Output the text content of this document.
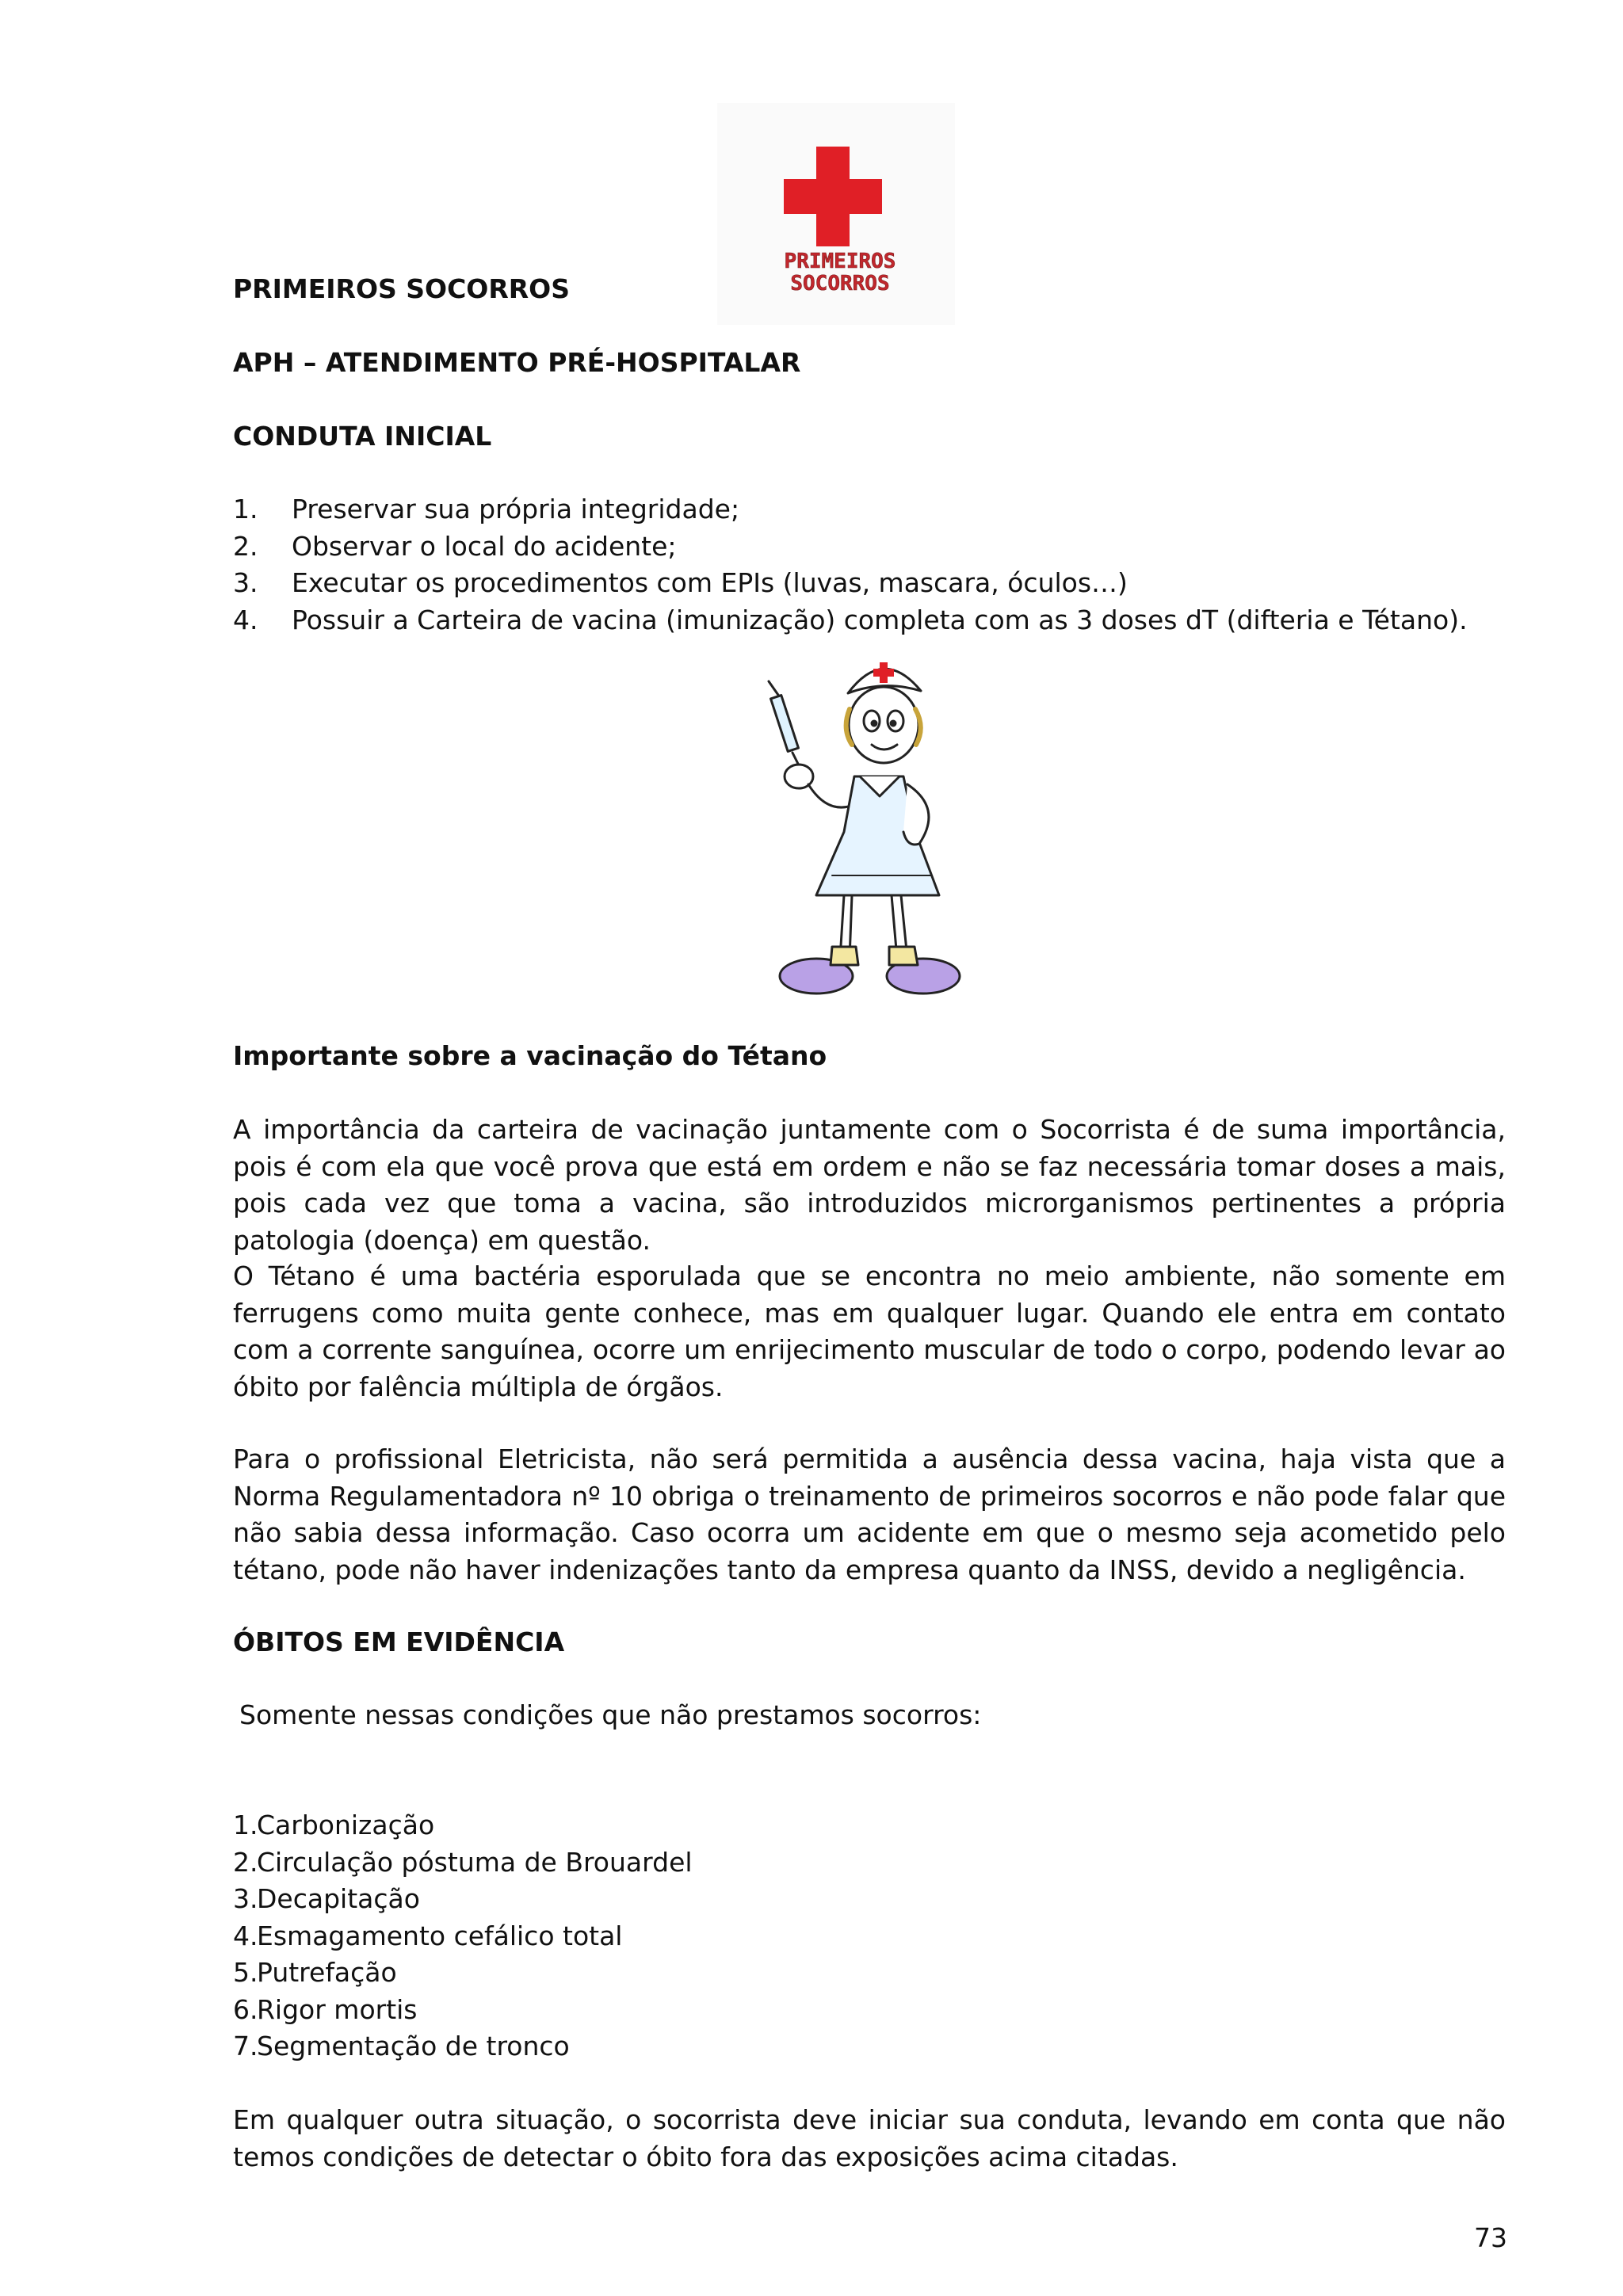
PRIMEIROS
SOCORROS
PRIMEIROS SOCORROS
APH – ATENDIMENTO PRÉ-HOSPITALAR
CONDUTA INICIAL
1.	Preservar sua própria integridade;
2.	Observar o local do acidente;
3.	Executar os procedimentos com EPIs (luvas, mascara, óculos…)
4.	Possuir a Carteira de vacina (imunização) completa com as 3 doses dT (difteria e Tétano).
Importante sobre a vacinação do Tétano
A importância da carteira de vacinação juntamente com o Socorrista é de suma importância, pois é com ela que você prova que está em ordem e não se faz necessária tomar doses a mais, pois cada vez que toma a vacina, são introduzidos microrganismos pertinentes a própria patologia (doença) em questão.
O Tétano é uma bactéria esporulada que se encontra no meio ambiente, não somente em ferrugens como muita gente conhece, mas em qualquer lugar. Quando ele entra em contato com a corrente sanguínea, ocorre um enrijecimento muscular de todo o corpo, podendo levar ao óbito por falência múltipla de órgãos.
Para o profissional Eletricista, não será permitida a ausência dessa vacina, haja vista que a Norma Regulamentadora nº 10 obriga o treinamento de primeiros socorros e não pode falar que não sabia dessa informação. Caso ocorra um acidente em que o mesmo seja acometido pelo tétano, pode não haver indenizações tanto da empresa quanto da INSS, devido a negligência.
ÓBITOS EM EVIDÊNCIA
Somente nessas condições que não prestamos socorros:
1.
Carbonização
2.
Circulação póstuma de Brouardel
3.
Decapitação
4.
Esmagamento cefálico total
5.
Putrefação
6.
Rigor mortis
7.
Segmentação de tronco
Em qualquer outra situação, o socorrista deve iniciar sua conduta, levando em conta que não temos condições de detectar o óbito fora das exposições acima citadas.
73
